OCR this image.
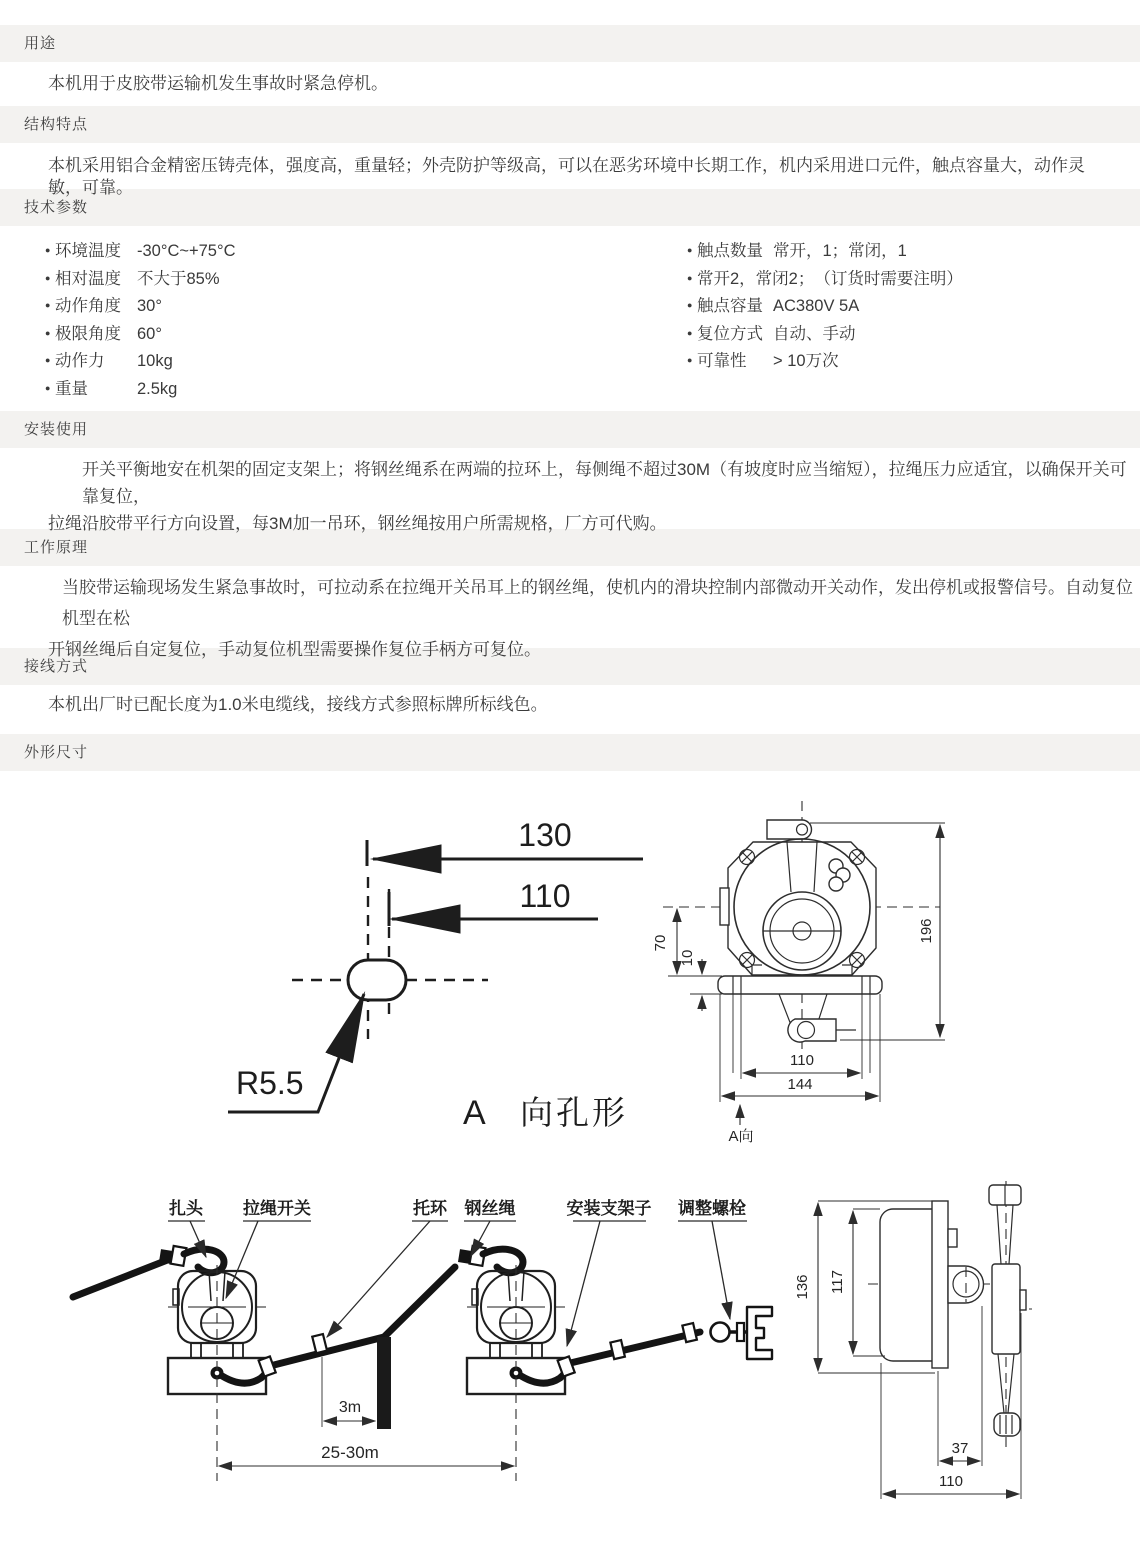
用途
本机用于皮胶带运输机发生事故时紧急停机。
结构特点
本机采用铝合金精密压铸壳体，强度高，重量轻；外壳防护等级高，可以在恶劣环境中长期工作，机内采用进口元件，触点容量大，动作灵敏，可靠。
技术参数
● 环境温度 -30°C~+75°C
● 相对温度 不大于85%
● 动作角度 30°
● 极限角度 60°
● 动作力	10kg
● 重量	2.5kg
● 触点数量 常开，1；常闭，1
● 常开2，常闭2； （订货时需要注明）
● 触点容量 AC380V 5A
● 复位方式 自动、手动
● 可靠性	> 10万次
安装使用
开关平衡地安在机架的固定支架上；将钢丝绳系在两端的拉环上，每侧绳不超过30M（有坡度时应当缩短），拉绳压力应适宜，以确保开关可靠复位，
拉绳沿胶带平行方向设置，每3M加一吊环，钢丝绳按用户所需规格，厂方可代购。
工作原理
当胶带运输现场发生紧急事故时，可拉动系在拉绳开关吊耳上的钢丝绳，使机内的滑块控制内部微动开关动作，发出停机或报警信号。自动复位机型在松
开钢丝绳后自定复位，手动复位机型需要操作复位手柄方可复位。
接线方式
本机出厂时已配长度为1.0米电缆线，接线方式参照标牌所标线色。
外形尺寸
130
110
R5.5
A 向孔形
196
70
10
110
144
A向
扎头 拉绳开关	托环 钢丝绳	安装支架子 调整螺栓
3m
25-30m
136 117
37
110
